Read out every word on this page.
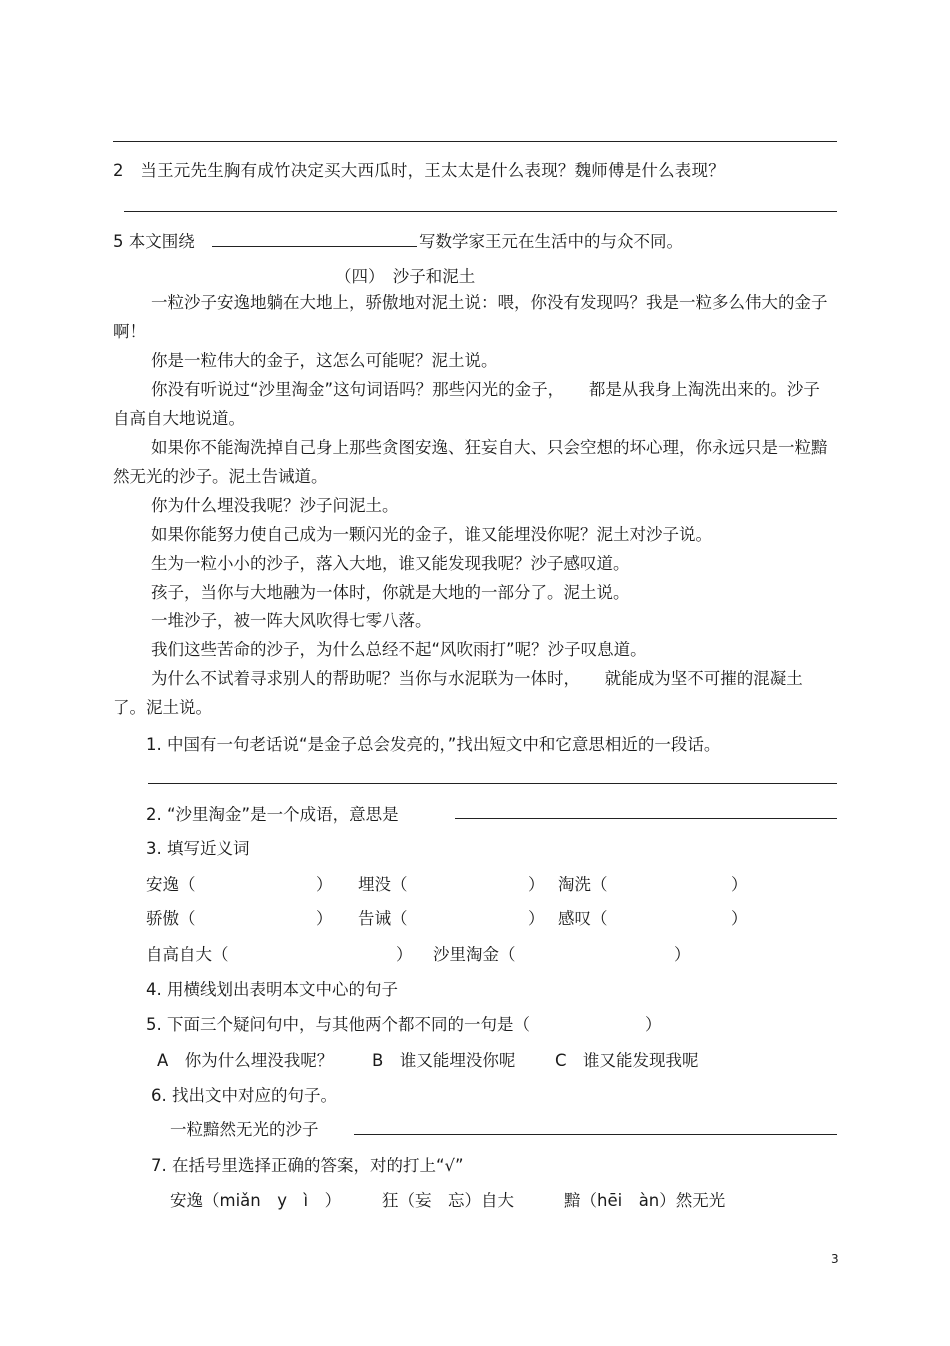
2　当王元先生胸有成竹决定买大西瓜时，王太太是什么表现？魏师傅是什么表现？
5 本文围绕	写数学家王元在生活中的与众不同。
（四）　沙子和泥土
一粒沙子安逸地躺在大地上，骄傲地对泥土说：喂，你没有发现吗？我是一粒多么伟大的金子啊！
你是一粒伟大的金子，这怎么可能呢？泥土说。
你没有听说过“沙里淘金”这句词语吗？那些闪光的金子，　　都是从我身上淘洗出来的。沙子自高自大地说道。
如果你不能淘洗掉自己身上那些贪图安逸、狂妄自大、只会空想的坏心理，你永远只是一粒黯然无光的沙子。泥土告诫道。
你为什么埋没我呢？沙子问泥土。
如果你能努力使自己成为一颗闪光的金子，谁又能埋没你呢？泥土对沙子说。
生为一粒小小的沙子，落入大地，谁又能发现我呢？沙子感叹道。
孩子，当你与大地融为一体时，你就是大地的一部分了。泥土说。
一堆沙子，被一阵大风吹得七零八落。
我们这些苦命的沙子，为什么总经不起“风吹雨打”呢？沙子叹息道。
为什么不试着寻求别人的帮助呢？当你与水泥联为一体时，　　就能成为坚不可摧的混凝土了。泥土说。
1. 中国有一句老话说“是金子总会发亮的，”找出短文中和它意思相近的一段话。
2. “沙里淘金”是一个成语，意思是
3. 填写近义词
安逸（	） 埋没（	） 淘洗（	）
骄傲（	） 告诫（	） 感叹（	）
自高自大（	） 沙里淘金（	）
4. 用横线划出表明本文中心的句子
5. 下面三个疑问句中，与其他两个都不同的一句是（	）
A　你为什么埋没我呢？ B　谁又能埋没你呢 C　谁又能发现我呢
6. 找出文中对应的句子。
一粒黯然无光的沙子
7. 在括号里选择正确的答案，对的打上“√”
安逸（miǎn　y　ì　） 狂（妄　忘）自大	黯（hēi　àn）然无光
3
